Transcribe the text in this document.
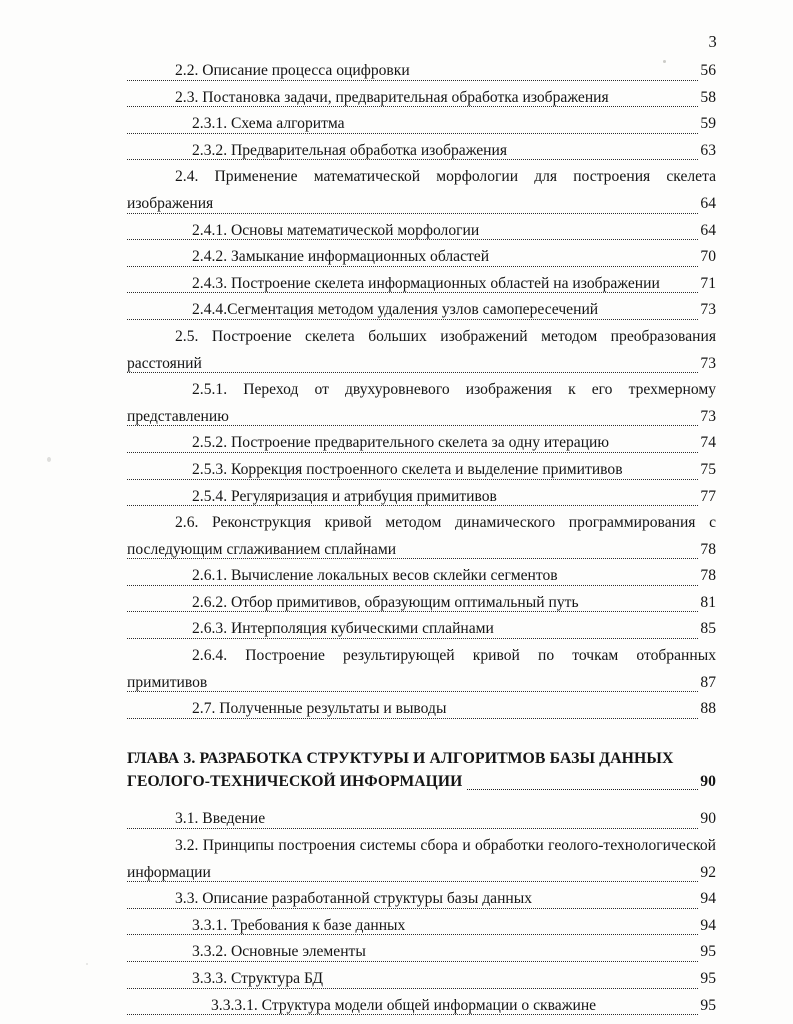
3
56
2.2. Описание процесса оцифровки
58
2.3. Постановка задачи, предварительная обработка изображения
59
2.3.1. Схема алгоритма
63
2.3.2. Предварительная обработка изображения
2.4. Применение математической морфологии для построения скелета
64
изображения
64
2.4.1. Основы математической морфологии
70
2.4.2. Замыкание информационных областей
71
2.4.3. Построение скелета информационных областей на изображении
73
2.4.4.Сегментация методом удаления узлов самопересечений
2.5. Построение скелета больших изображений методом преобразования
73
расстояний
2.5.1. Переход от двухуровневого изображения к его трехмерному
73
представлению
74
2.5.2. Построение предварительного скелета за одну итерацию
75
2.5.3. Коррекция построенного скелета и выделение примитивов
77
2.5.4. Регуляризация и атрибуция примитивов
2.6. Реконструкция кривой методом динамического программирования с
78
последующим сглаживанием сплайнами
78
2.6.1. Вычисление локальных весов склейки сегментов
81
2.6.2. Отбор примитивов, образующим оптимальный путь
85
2.6.3. Интерполяция кубическими сплайнами
2.6.4. Построение результирующей кривой по точкам отобранных
87
примитивов
88
2.7. Полученные результаты и выводы
ГЛАВА 3. РАЗРАБОТКА СТРУКТУРЫ И АЛГОРИТМОВ БАЗЫ ДАННЫХ
90
ГЕОЛОГО-ТЕХНИЧЕСКОЙ ИНФОРМАЦИИ
90
3.1. Введение
3.2. Принципы построения системы сбора и обработки геолого-технологической
92
информации
94
3.3. Описание разработанной структуры базы данных
94
3.3.1. Требования к базе данных
95
3.3.2. Основные элементы
95
3.3.3. Структура БД
95
3.3.3.1. Структура модели общей информации о скважине
